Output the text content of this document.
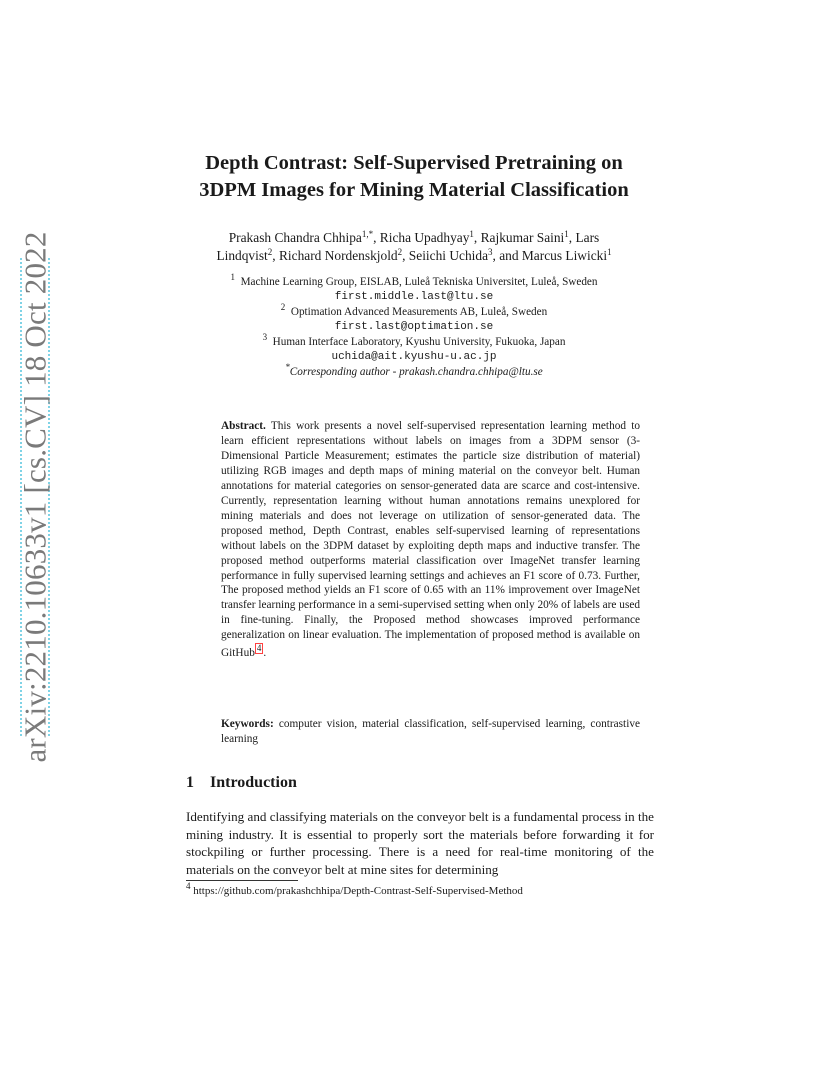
arXiv:2210.10633v1 [cs.CV] 18 Oct 2022
Depth Contrast: Self-Supervised Pretraining on
3DPM Images for Mining Material Classification
Prakash Chandra Chhipa$^{1,*}$, Richa Upadhyay$^1$, Rajkumar Saini$^1$, Lars
Lindqvist$^2$, Richard Nordenskjold$^2$, Seiichi Uchida$^3$, and Marcus Liwicki$^1$
$^1$ Machine Learning Group, EISLAB, Luleå Tekniska Universitet, Luleå, Sweden
first.middle.last@ltu.se
$^2$ Optimation Advanced Measurements AB, Luleå, Sweden
first.last@optimation.se
$^3$ Human Interface Laboratory, Kyushu University, Fukuoka, Japan
uchida@ait.kyushu-u.ac.jp
*Corresponding author - prakash.chandra.chhipa@ltu.se
Abstract. This work presents a novel self-supervised representation learning method to learn efficient representations without labels on images from a 3DPM sensor (3-Dimensional Particle Measurement; estimates the particle size distribution of material) utilizing RGB images and depth maps of mining material on the conveyor belt. Human annotations for material categories on sensor-generated data are scarce and cost-intensive. Currently, representation learning without human annotations remains unexplored for mining materials and does not leverage on utilization of sensor-generated data. The proposed method, Depth Contrast, enables self-supervised learning of representations without labels on the 3DPM dataset by exploiting depth maps and inductive transfer. The proposed method outperforms material classification over ImageNet transfer learning performance in fully supervised learning settings and achieves an F1 score of 0.73. Further, The proposed method yields an F1 score of 0.65 with an 11% improvement over ImageNet transfer learning performance in a semi-supervised setting when only 20% of labels are used in fine-tuning. Finally, the Proposed method showcases improved performance generalization on linear evaluation. The implementation of proposed method is available on GitHub $^4$ .
Keywords: computer vision, material classification, self-supervised learning, contrastive learning
1 Introduction
Identifying and classifying materials on the conveyor belt is a fundamental process in the mining industry. It is essential to properly sort the materials before forwarding it for stockpiling or further processing. There is a need for real-time monitoring of the materials on the conveyor belt at mine sites for determining
$^4$ https://github.com/prakashchhipa/Depth-Contrast-Self-Supervised-Method
